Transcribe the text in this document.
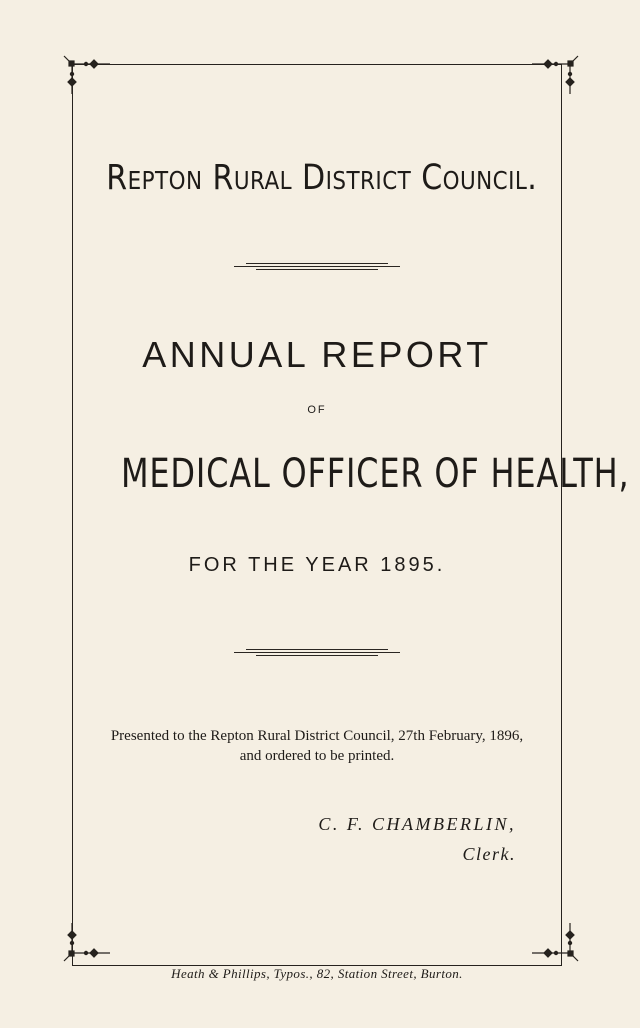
Repton Rural District Council.
ANNUAL REPORT
OF
MEDICAL OFFICER OF HEALTH,
FOR THE YEAR 1895.
Presented to the Repton Rural District Council, 27th February, 1896,
and ordered to be printed.
C. F. CHAMBERLIN,
Clerk.
Heath & Phillips, Typos., 82, Station Street, Burton.
